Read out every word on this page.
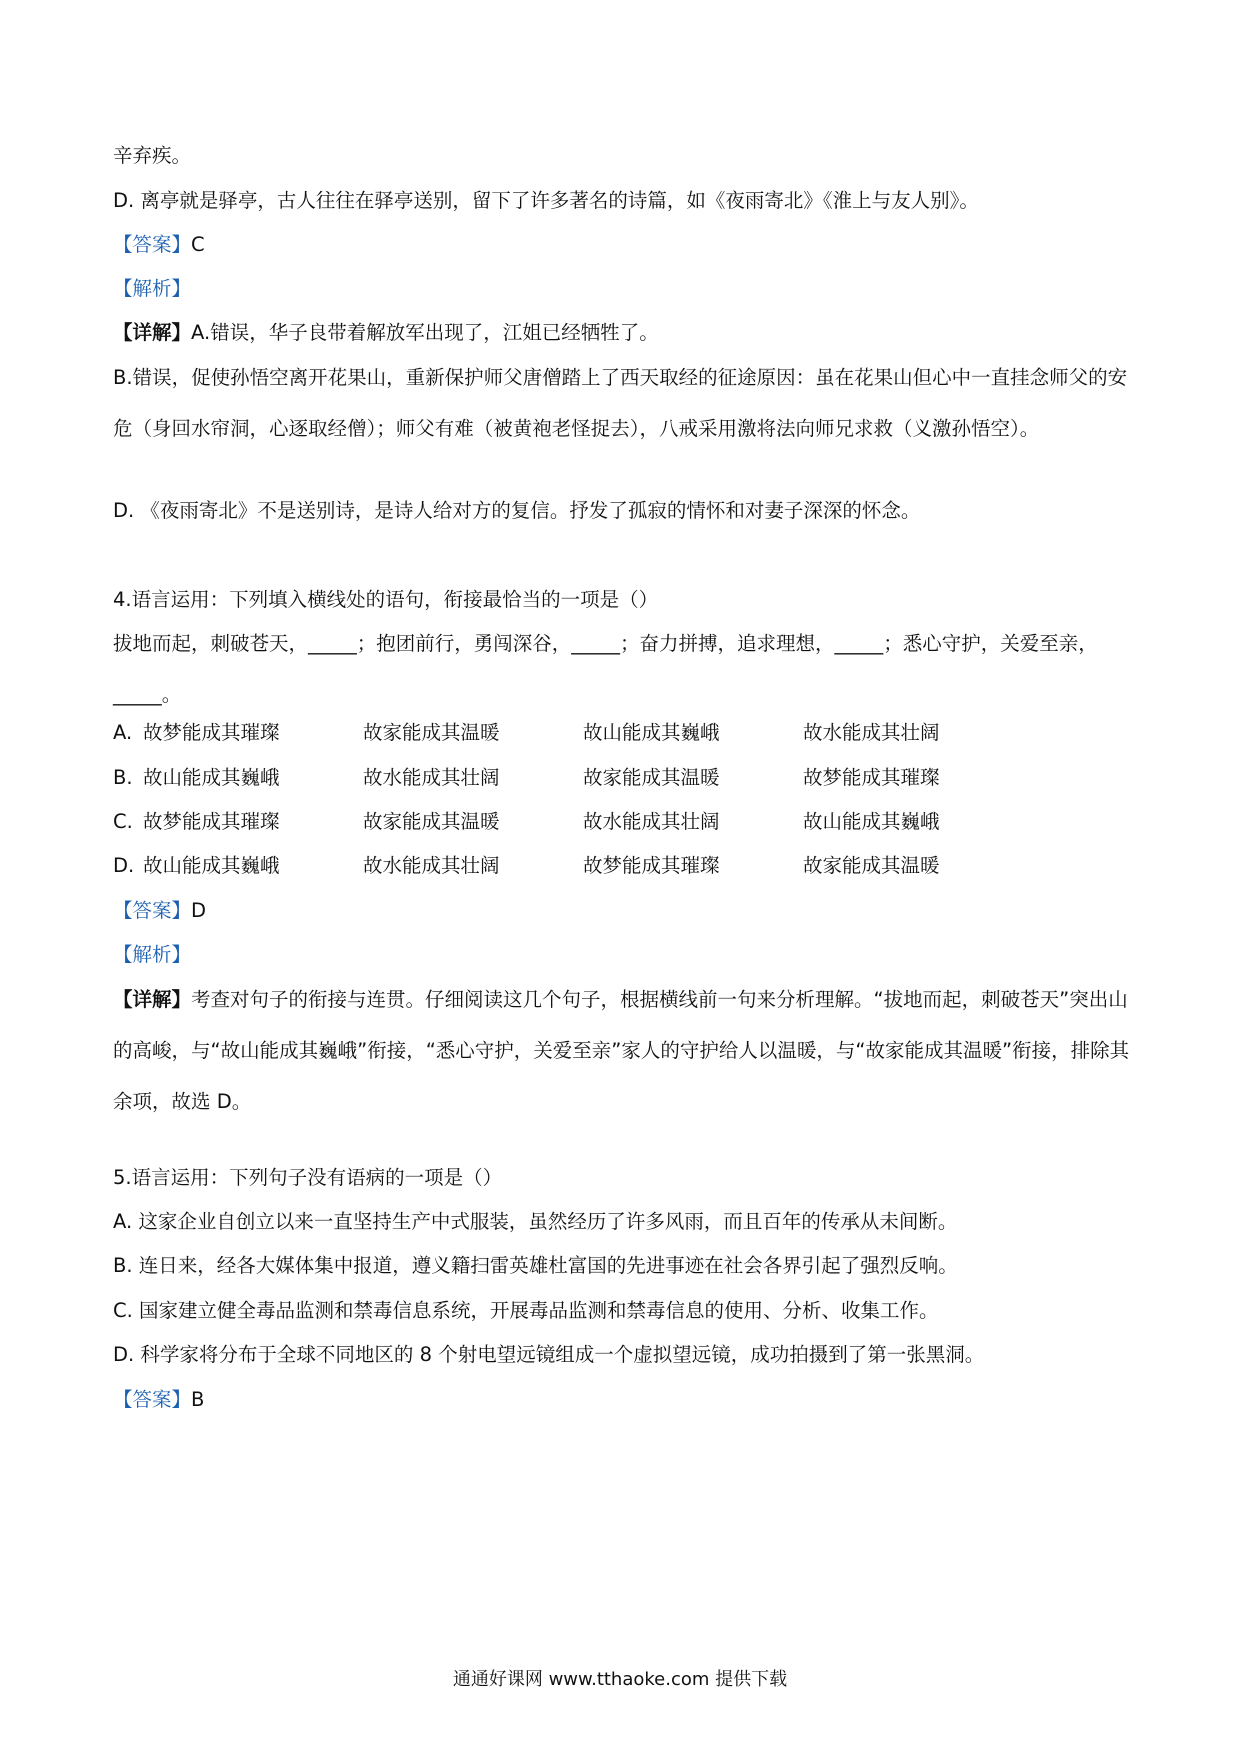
辛弃疾。
D. 离亭就是驿亭，古人往往在驿亭送别，留下了许多著名的诗篇，如《夜雨寄北》《淮上与友人别》。
【答案】C
【解析】
【详解】A.错误，华子良带着解放军出现了，江姐已经牺牲了。
B.错误，促使孙悟空离开花果山，重新保护师父唐僧踏上了西天取经的征途原因：虽在花果山但心中一直挂念师父的安危（身回水帘洞，心逐取经僧）；师父有难（被黄袍老怪捉去），八戒采用激将法向师兄求救（义激孙悟空）。
D. 《夜雨寄北》不是送别诗，是诗人给对方的复信。抒发了孤寂的情怀和对妻子深深的怀念。
4.语言运用：下列填入横线处的语句，衔接最恰当的一项是（）
拔地而起，刺破苍天，_____；抱团前行，勇闯深谷，_____；奋力拼搏，追求理想，_____；悉心守护，关爱至亲，_____。
A. 故梦能成其璀璨	故家能成其温暖	故山能成其巍峨	故水能成其壮阔
B. 故山能成其巍峨	故水能成其壮阔	故家能成其温暖	故梦能成其璀璨
C. 故梦能成其璀璨	故家能成其温暖	故水能成其壮阔	故山能成其巍峨
D. 故山能成其巍峨	故水能成其壮阔	故梦能成其璀璨	故家能成其温暖
【答案】D
【解析】
【详解】考查对句子的衔接与连贯。仔细阅读这几个句子，根据横线前一句来分析理解。“拔地而起，刺破苍天”突出山的高峻，与“故山能成其巍峨”衔接，“悉心守护，关爱至亲”家人的守护给人以温暖，与“故家能成其温暖”衔接，排除其余项，故选 D。
5.语言运用：下列句子没有语病的一项是（）
A. 这家企业自创立以来一直坚持生产中式服装，虽然经历了许多风雨，而且百年的传承从未间断。
B. 连日来，经各大媒体集中报道，遵义籍扫雷英雄杜富国的先进事迹在社会各界引起了强烈反响。
C. 国家建立健全毒品监测和禁毒信息系统，开展毒品监测和禁毒信息的使用、分析、收集工作。
D. 科学家将分布于全球不同地区的 8 个射电望远镜组成一个虚拟望远镜，成功拍摄到了第一张黑洞。
【答案】B
通通好课网 www.tthaoke.com 提供下载
